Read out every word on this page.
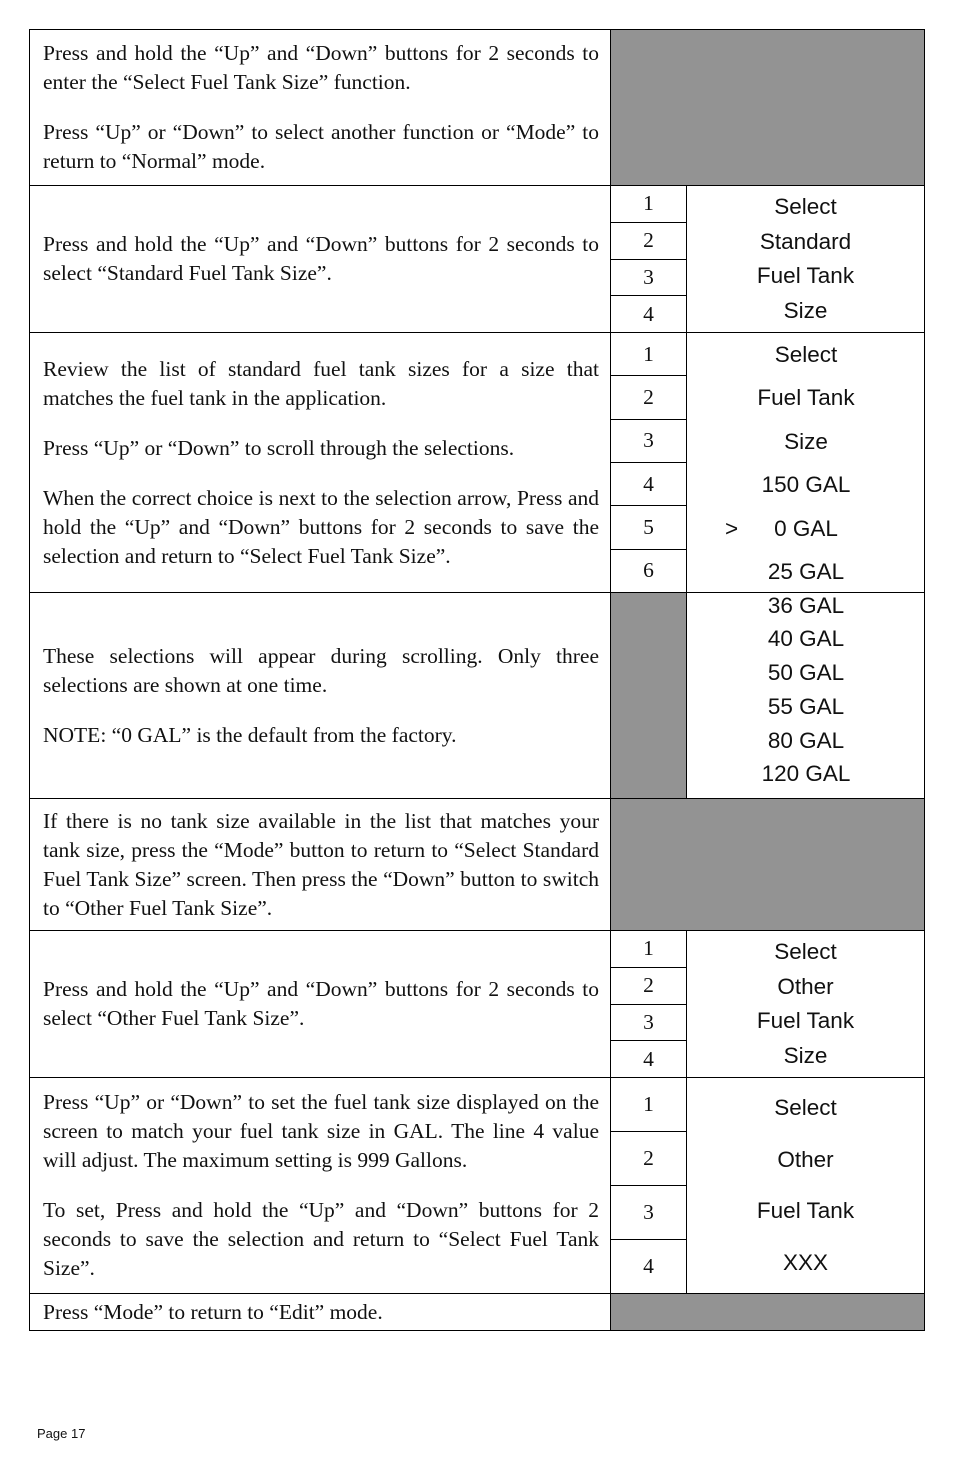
Press and hold the “Up” and “Down” buttons for 2 seconds to enter the “Select Fuel Tank Size” function.

Press “Up” or “Down” to select another function or “Mode” to return to “Normal” mode.

Press and hold the “Up” and “Down” buttons for 2 seconds to select “Standard Fuel Tank Size”.

1
2
3
4
Select
Standard
Fuel Tank
Size

Review the list of standard fuel tank sizes for a size that matches the fuel tank in the application.

Press “Up” or “Down” to scroll through the selections.

When the correct choice is next to the selection arrow, Press and hold the “Up” and “Down” buttons for 2 seconds to save the selection and return to “Select Fuel Tank Size”.

1
2
3
4
5
6

These selections will appear during scrolling. Only three selections are shown at one time.

NOTE: “0 GAL” is the default from the factory.

Select
Fuel Tank
Size
150 GAL
> 0 GAL
25 GAL
36 GAL
40 GAL
50 GAL
55 GAL
80 GAL
120 GAL

If there is no tank size available in the list that matches your tank size, press the “Mode” button to return to “Select Standard Fuel Tank Size” screen. Then press the “Down” button to switch to “Other Fuel Tank Size”.

Press and hold the “Up” and “Down” buttons for 2 seconds to select “Other Fuel Tank Size”.

1
2
3
4
Select
Other
Fuel Tank
Size

Press “Up” or “Down” to set the fuel tank size displayed on the screen to match your fuel tank size in GAL. The line 4 value will adjust. The maximum setting is 999 Gallons.

To set, Press and hold the “Up” and “Down” buttons for 2 seconds to save the selection and return to “Select Fuel Tank Size”.

1
2
3
4
Select
Other
Fuel Tank
XXX

Press “Mode” to return to “Edit” mode.

Page 17
